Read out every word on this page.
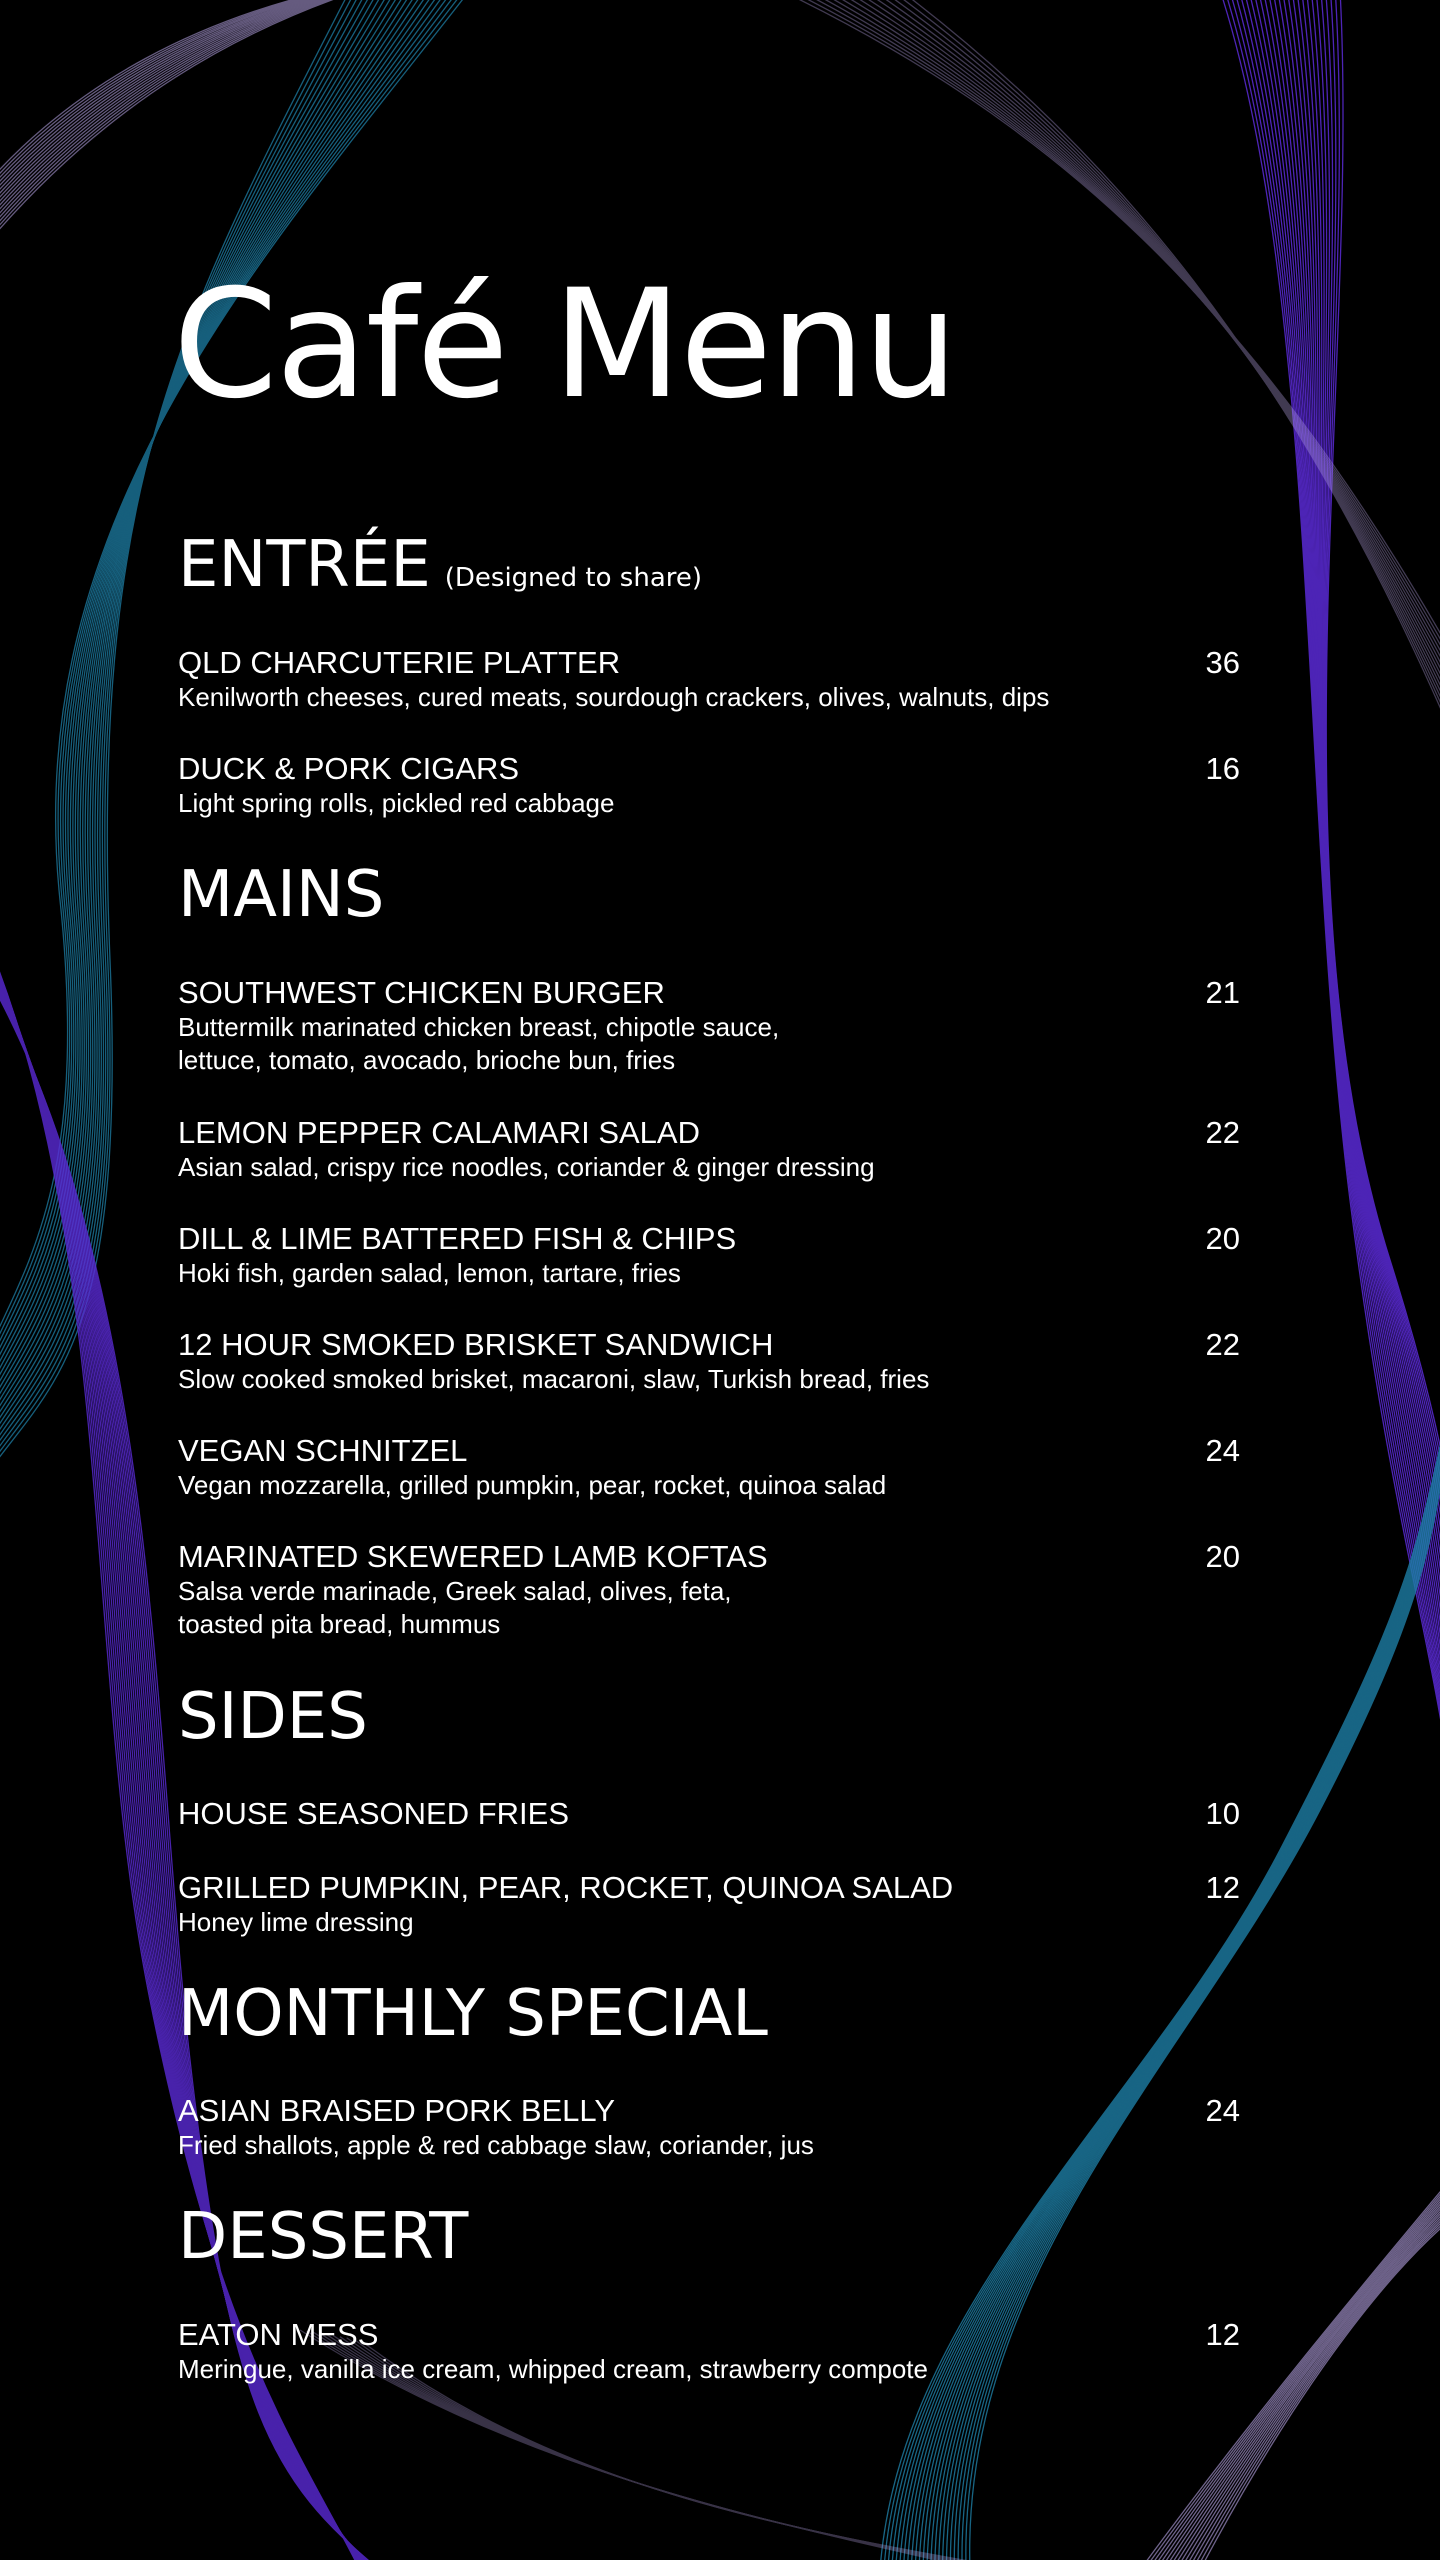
Café Menu
ENTRÉE (Designed to share)
QLD CHARCUTERIE PLATTER	36
Kenilworth cheeses, cured meats, sourdough crackers, olives, walnuts, dips
DUCK & PORK CIGARS	16
Light spring rolls, pickled red cabbage
MAINS
SOUTHWEST CHICKEN BURGER	21
Buttermilk marinated chicken breast, chipotle sauce,
lettuce, tomato, avocado, brioche bun, fries
LEMON PEPPER CALAMARI SALAD	22
Asian salad, crispy rice noodles, coriander & ginger dressing
DILL & LIME BATTERED FISH & CHIPS	20
Hoki fish, garden salad, lemon, tartare, fries
12 HOUR SMOKED BRISKET SANDWICH	22
Slow cooked smoked brisket, macaroni, slaw, Turkish bread, fries
VEGAN SCHNITZEL	24
Vegan mozzarella, grilled pumpkin, pear, rocket, quinoa salad
MARINATED SKEWERED LAMB KOFTAS	20
Salsa verde marinade, Greek salad, olives, feta,
toasted pita bread, hummus
SIDES
HOUSE SEASONED FRIES	10
GRILLED PUMPKIN, PEAR, ROCKET, QUINOA SALAD	12
Honey lime dressing
MONTHLY SPECIAL
ASIAN BRAISED PORK BELLY	24
Fried shallots, apple & red cabbage slaw, coriander, jus
DESSERT
EATON MESS	12
Meringue, vanilla ice cream, whipped cream, strawberry compote
